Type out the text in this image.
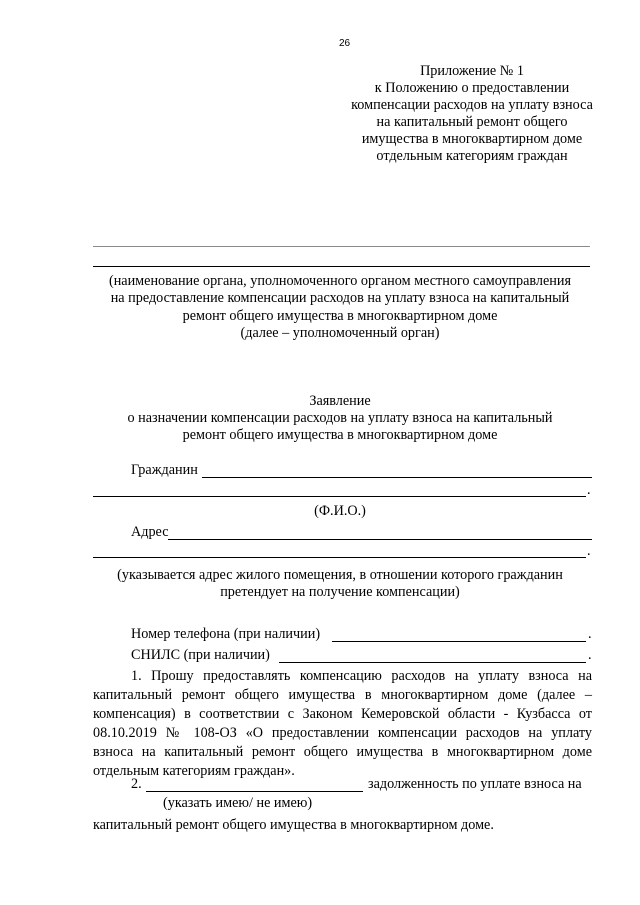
26
Приложение № 1
к Положению о предоставлении
компенсации расходов на уплату взноса
на капитальный ремонт общего
имущества в многоквартирном доме
отдельным категориям граждан
(наименование органа, уполномоченного органом местного самоуправления
на предоставление компенсации расходов на уплату взноса на капитальный
ремонт общего имущества в многоквартирном доме
(далее – уполномоченный орган)
Заявление
о назначении компенсации расходов на уплату взноса на капитальный
ремонт общего имущества в многоквартирном доме
Гражданин
.
(Ф.И.О.)
Адрес
.
(указывается адрес жилого помещения, в отношении которого гражданин
претендует на получение компенсации)
Номер телефона (при наличии)	.
СНИЛС (при наличии)	.
1. Прошу предоставлять компенсацию расходов на уплату взноса на
капитальный ремонт общего имущества в многоквартирном доме (далее –
компенсация) в соответствии с Законом Кемеровской области - Кузбасса от
08.10.2019 № 108-ОЗ «О предоставлении компенсации расходов на уплату
взноса на капитальный ремонт общего имущества в многоквартирном доме
отдельным категориям граждан».
2.	задолженность по уплате взноса на
(указать имею/ не имею)
капитальный ремонт общего имущества в многоквартирном доме.
